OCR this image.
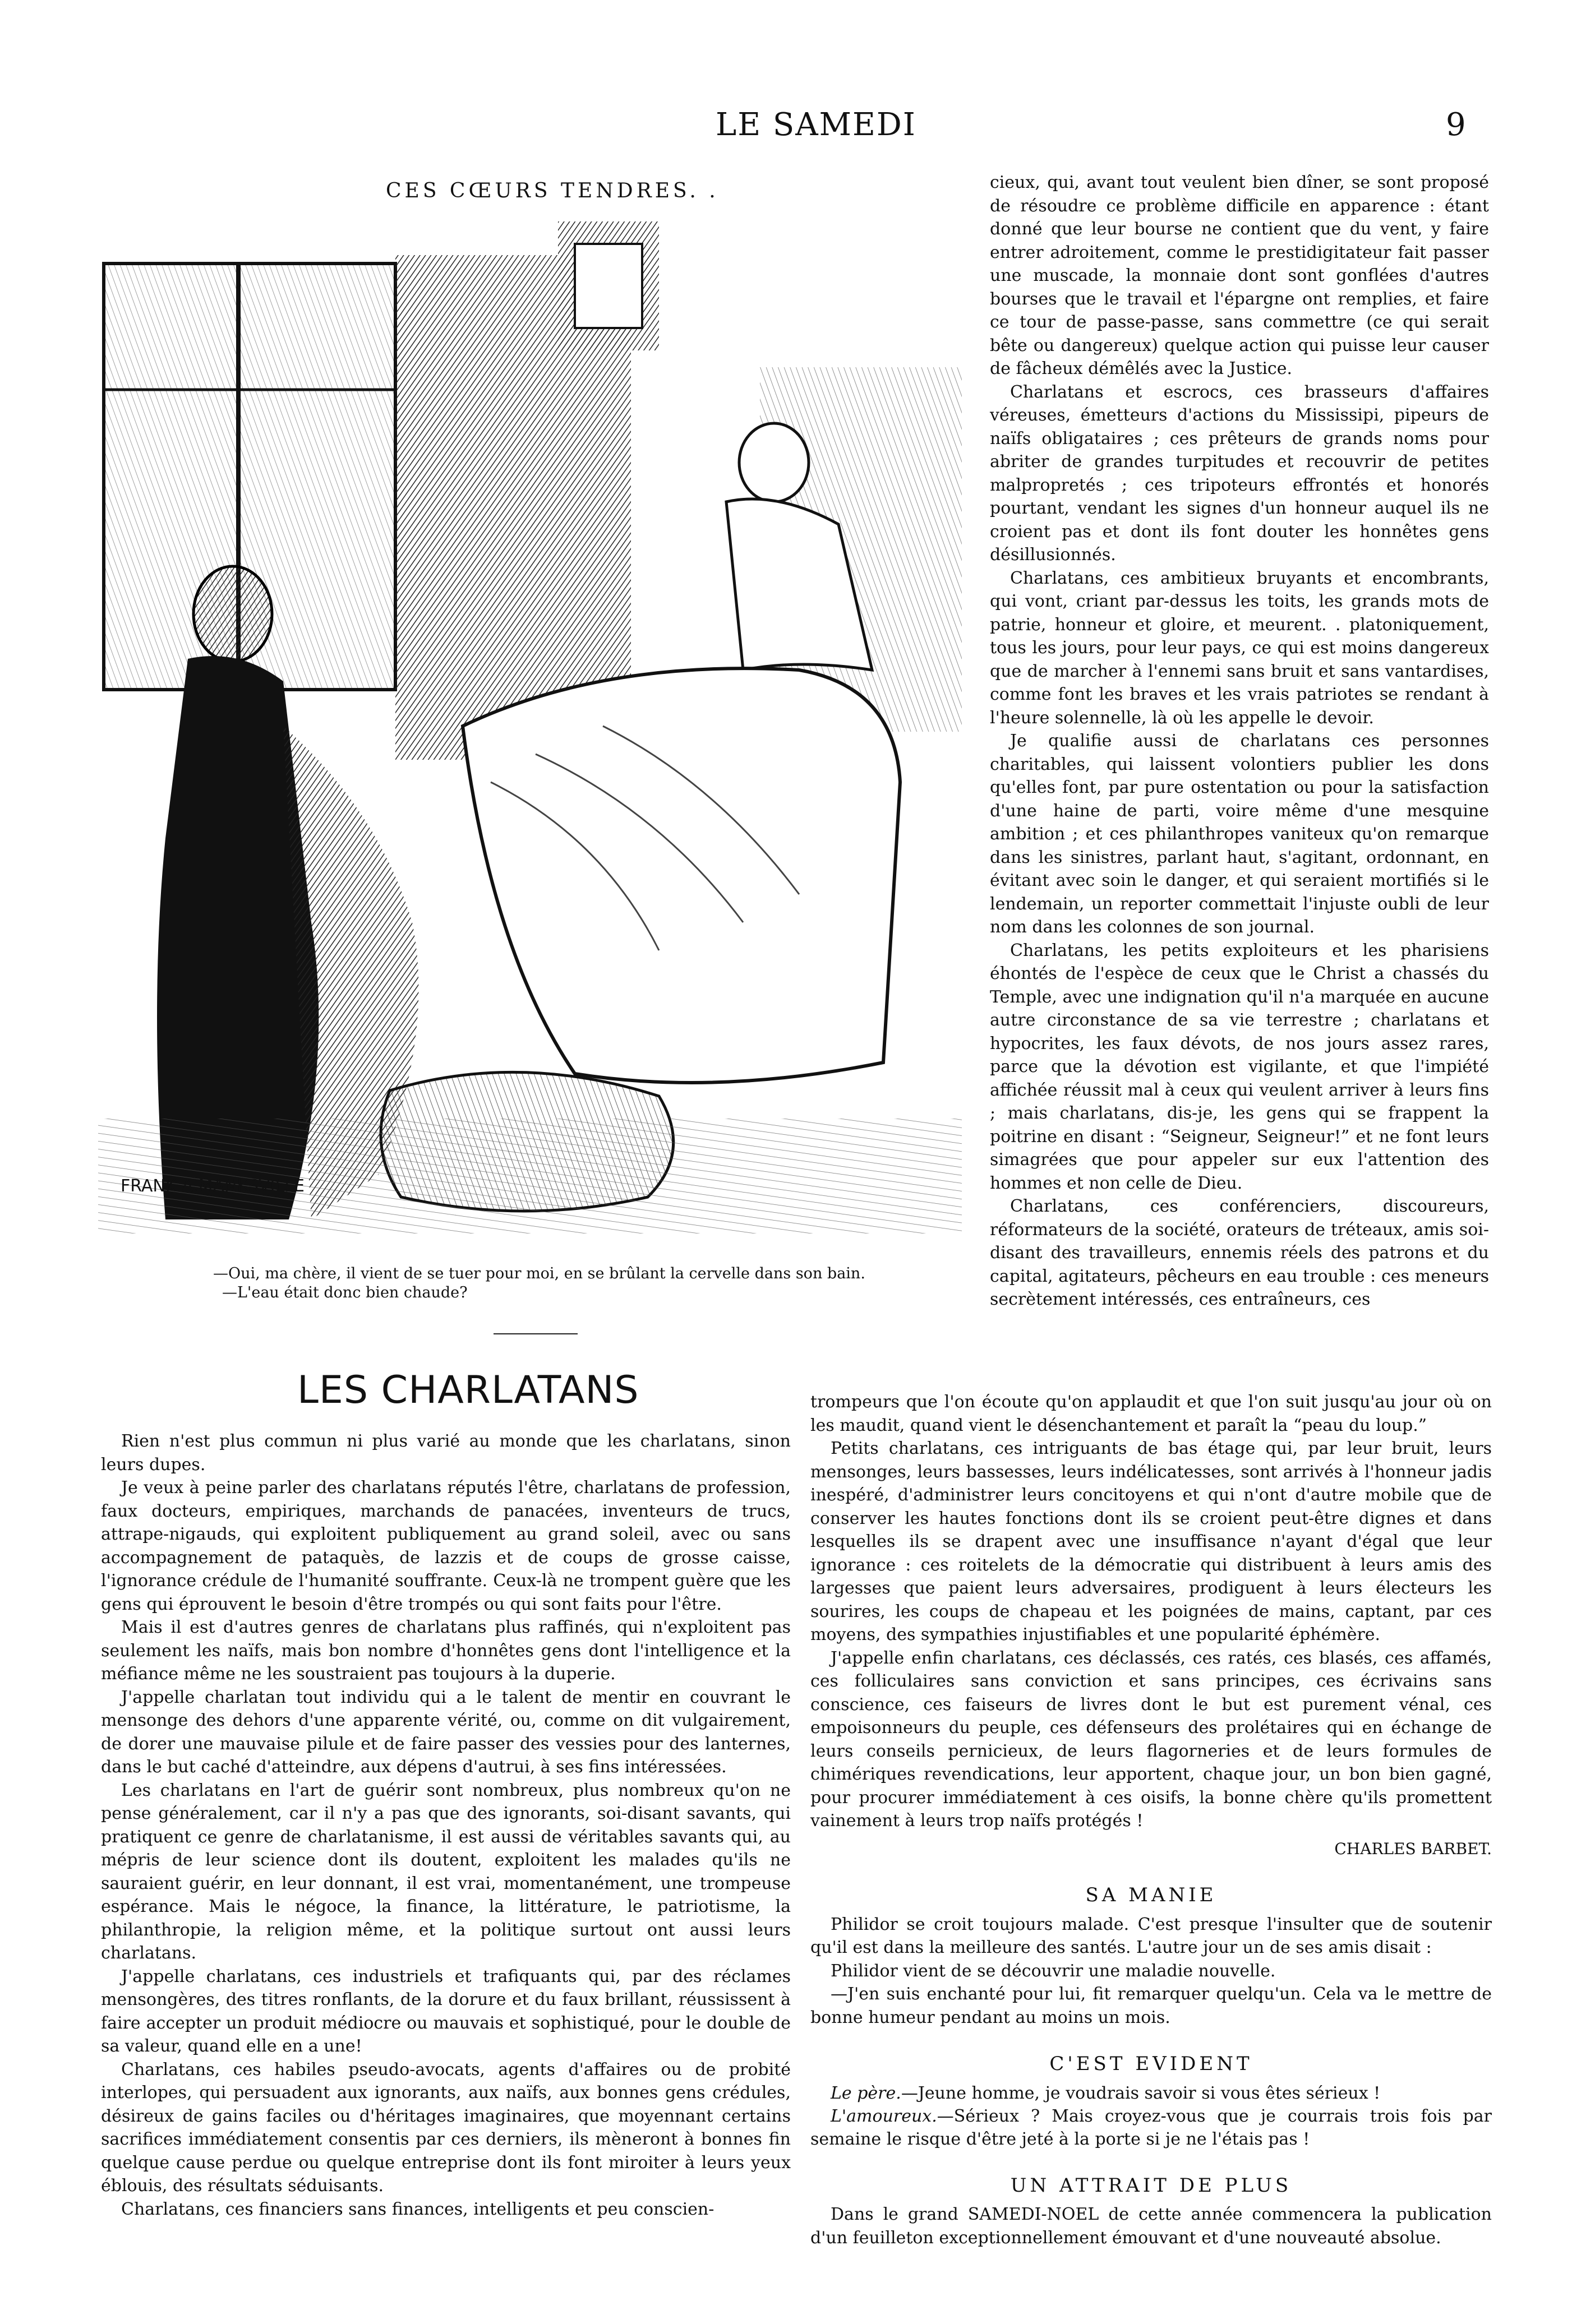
LE SAMEDI	9
CES CŒURS TENDRES. .
FRANK A.MANKSVILLE
—Oui, ma chère, il vient de se tuer pour moi, en se brûlant la cervelle dans son bain.
—L'eau était donc bien chaude?
LES CHARLATANS

cieux, qui, avant tout veulent bien dîner, se sont proposé de résoudre ce problème difficile en apparence : étant donné que leur bourse ne contient que du vent, y faire entrer adroitement, comme le prestidigitateur fait passer une muscade, la monnaie dont sont gonflées d'autres bourses que le travail et l'épargne ont remplies, et faire ce tour de passe-passe, sans commettre (ce qui serait bête ou dangereux) quelque action qui puisse leur causer de fâcheux démêlés avec la Justice.

Charlatans et escrocs, ces brasseurs d'affaires véreuses, émetteurs d'actions du Mississipi, pipeurs de naïfs obligataires ; ces prêteurs de grands noms pour abriter de grandes turpitudes et recouvrir de petites malpropretés ; ces tripoteurs effrontés et honorés pourtant, vendant les signes d'un honneur auquel ils ne croient pas et dont ils font douter les honnêtes gens désillusionnés.

Charlatans, ces ambitieux bruyants et encombrants, qui vont, criant par-dessus les toits, les grands mots de patrie, honneur et gloire, et meurent. . platoniquement, tous les jours, pour leur pays, ce qui est moins dangereux que de marcher à l'ennemi sans bruit et sans vantardises, comme font les braves et les vrais patriotes se rendant à l'heure solennelle, là où les appelle le devoir.

Je qualifie aussi de charlatans ces personnes charitables, qui laissent volontiers publier les dons qu'elles font, par pure ostentation ou pour la satisfaction d'une haine de parti, voire même d'une mesquine ambition ; et ces philanthropes vaniteux qu'on remarque dans les sinistres, parlant haut, s'agitant, ordonnant, en évitant avec soin le danger, et qui seraient mortifiés si le lendemain, un reporter commettait l'injuste oubli de leur nom dans les colonnes de son journal.

Charlatans, les petits exploiteurs et les pharisiens éhontés de l'espèce de ceux que le Christ a chassés du Temple, avec une indignation qu'il n'a marquée en aucune autre circonstance de sa vie terrestre ; charlatans et hypocrites, les faux dévots, de nos jours assez rares, parce que la dévotion est vigilante, et que l'impiété affichée réussit mal à ceux qui veulent arriver à leurs fins ; mais charlatans, dis-je, les gens qui se frappent la poitrine en disant : “Seigneur, Seigneur!” et ne font leurs simagrées que pour appeler sur eux l'attention des hommes et non celle de Dieu.

Charlatans, ces conférenciers, discoureurs, réformateurs de la société, orateurs de tréteaux, amis soi-disant des travailleurs, ennemis réels des patrons et du capital, agitateurs, pêcheurs en eau trouble : ces meneurs secrètement intéressés, ces entraîneurs, ces

Rien n'est plus commun ni plus varié au monde que les charlatans, sinon leurs dupes.

Je veux à peine parler des charlatans réputés l'être, charlatans de profession, faux docteurs, empiriques, marchands de panacées, inventeurs de trucs, attrape-nigauds, qui exploitent publiquement au grand soleil, avec ou sans accompagnement de pataquès, de lazzis et de coups de grosse caisse, l'ignorance crédule de l'humanité souffrante. Ceux-là ne trompent guère que les gens qui éprouvent le besoin d'être trompés ou qui sont faits pour l'être.

Mais il est d'autres genres de charlatans plus raffinés, qui n'exploitent pas seulement les naïfs, mais bon nombre d'honnêtes gens dont l'intelligence et la méfiance même ne les soustraient pas toujours à la duperie.

J'appelle charlatan tout individu qui a le talent de mentir en couvrant le mensonge des dehors d'une apparente vérité, ou, comme on dit vulgairement, de dorer une mauvaise pilule et de faire passer des vessies pour des lanternes, dans le but caché d'atteindre, aux dépens d'autrui, à ses fins intéressées.

Les charlatans en l'art de guérir sont nombreux, plus nombreux qu'on ne pense généralement, car il n'y a pas que des ignorants, soi-disant savants, qui pratiquent ce genre de charlatanisme, il est aussi de véritables savants qui, au mépris de leur science dont ils doutent, exploitent les malades qu'ils ne sauraient guérir, en leur donnant, il est vrai, momentanément, une trompeuse espérance. Mais le négoce, la finance, la littérature, le patriotisme, la philanthropie, la religion même, et la politique surtout ont aussi leurs charlatans.

J'appelle charlatans, ces industriels et trafiquants qui, par des réclames mensongères, des titres ronflants, de la dorure et du faux brillant, réussissent à faire accepter un produit médiocre ou mauvais et sophistiqué, pour le double de sa valeur, quand elle en a une!

Charlatans, ces habiles pseudo-avocats, agents d'affaires ou de probité interlopes, qui persuadent aux ignorants, aux naïfs, aux bonnes gens crédules, désireux de gains faciles ou d'héritages imaginaires, que moyennant certains sacrifices immédiatement consentis par ces derniers, ils mèneront à bonnes fin quelque cause perdue ou quelque entreprise dont ils font miroiter à leurs yeux éblouis, des résultats séduisants.

Charlatans, ces financiers sans finances, intelligents et peu conscien-

trompeurs que l'on écoute qu'on applaudit et que l'on suit jusqu'au jour où on les maudit, quand vient le désenchantement et paraît la “peau du loup.”

Petits charlatans, ces intriguants de bas étage qui, par leur bruit, leurs mensonges, leurs bassesses, leurs indélicatesses, sont arrivés à l'honneur jadis inespéré, d'administrer leurs concitoyens et qui n'ont d'autre mobile que de conserver les hautes fonctions dont ils se croient peut-être dignes et dans lesquelles ils se drapent avec une insuffisance n'ayant d'égal que leur ignorance : ces roitelets de la démocratie qui distribuent à leurs amis des largesses que paient leurs adversaires, prodiguent à leurs électeurs les sourires, les coups de chapeau et les poignées de mains, captant, par ces moyens, des sympathies injustifiables et une popularité éphémère.

J'appelle enfin charlatans, ces déclassés, ces ratés, ces blasés, ces affamés, ces folliculaires sans conviction et sans principes, ces écrivains sans conscience, ces faiseurs de livres dont le but est purement vénal, ces empoisonneurs du peuple, ces défenseurs des prolétaires qui en échange de leurs conseils pernicieux, de leurs flagorneries et de leurs formules de chimériques revendications, leur apportent, chaque jour, un bon bien gagné, pour procurer immédiatement à ces oisifs, la bonne chère qu'ils promettent vainement à leurs trop naïfs protégés !

CHARLES BARBET.
SA MANIE

Philidor se croit toujours malade. C'est presque l'insulter que de soutenir qu'il est dans la meilleure des santés. L'autre jour un de ses amis disait :

Philidor vient de se découvrir une maladie nouvelle.

—J'en suis enchanté pour lui, fit remarquer quelqu'un. Cela va le mettre de bonne humeur pendant au moins un mois.

C'EST EVIDENT
Le père.—Jeune homme, je voudrais savoir si vous êtes sérieux !
L'amoureux.—Sérieux ? Mais croyez-vous que je courrais trois fois par semaine le risque d'être jeté à la porte si je ne l'étais pas !
UN ATTRAIT DE PLUS

Dans le grand SAMEDI-NOEL de cette année commencera la publication d'un feuilleton exceptionnellement émouvant et d'une nouveauté absolue.
